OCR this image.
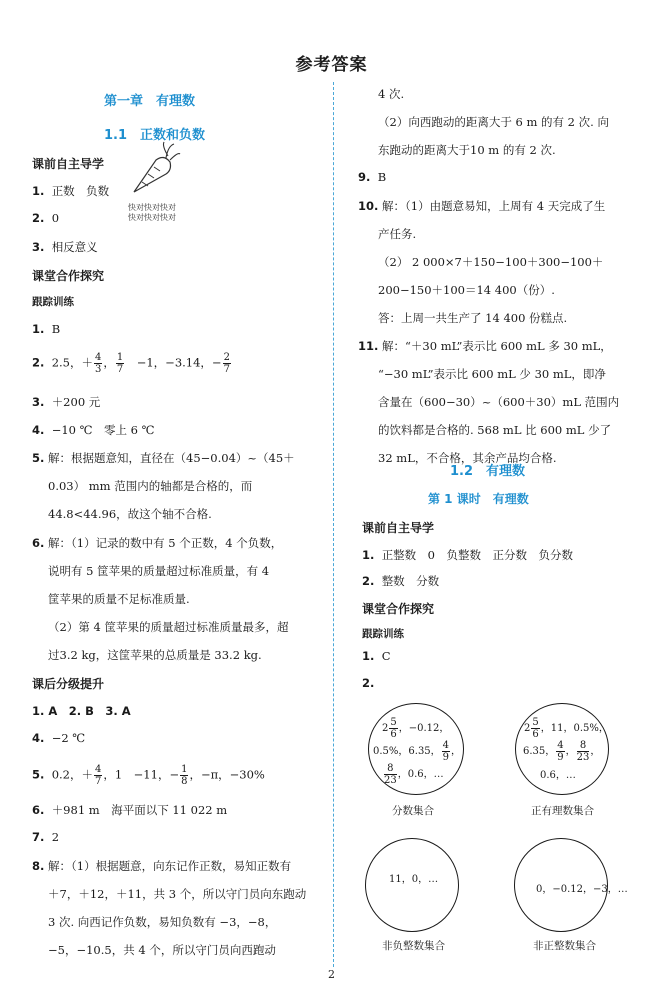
参考答案

第一章　有理数

1.1　正数和负数

快对快对快对
快对快对快对

课前自主导学

1. 正数　负数

2. 0

3. 相反意义

课堂合作探究

跟踪训练

1. B

2. 2.5，＋ $\frac{4}{3}$ ， $\frac{1}{7}$ 　−1，−3.14，− $\frac{2}{7}$

3. ＋200 元

4. −10 ℃　零上 6 ℃

5. 解：根据题意知，直径在（45−0.04）~（45＋

0.03） mm 范围内的轴都是合格的，而

44.8<44.96，故这个轴不合格.

6. 解：（1）记录的数中有 5 个正数，4 个负数，

说明有 5 筐苹果的质量超过标准质量，有 4

筐苹果的质量不足标准质量.

（2）第 4 筐苹果的质量超过标准质量最多，超

过3.2 kg，这筐苹果的总质量是 33.2 kg.

课后分级提升

1. A　2. B　3. A

4. −2 ℃

5. 0.2，＋ $\frac{4}{7}$ ，1　−11，− $\frac{1}{8}$ ，−π，−30%

6. ＋981 m　海平面以下 11 022 m

7. 2

8. 解：（1）根据题意，向东记作正数，易知正数有

＋7，＋12，＋11，共 3 个，所以守门员向东跑动

3 次. 向西记作负数，易知负数有 −3，−8，

−5，−10.5，共 4 个，所以守门员向西跑动

4 次.

（2）向西跑动的距离大于 6 m 的有 2 次. 向

东跑动的距离大于10 m 的有 2 次.

9. B

10. 解：（1）由题意易知，上周有 4 天完成了生

产任务.

（2） 2 000×7＋150−100＋300−100＋

200−150＋100＝14 400（份）.

答：上周一共生产了 14 400 份糕点.

11. 解：“＋30 mL”表示比 600 mL 多 30 mL，

“−30 mL”表示比 600 mL 少 30 mL，即净

含量在（600−30）~（600＋30）mL 范围内

的饮料都是合格的. 568 mL 比 600 mL 少了

32 mL，不合格，其余产品均合格.

1.2　有理数

第 1 课时　有理数

课前自主导学

1. 正整数　0　负整数　正分数　负分数

2. 整数　分数

课堂合作探究

跟踪训练

1. C

2.

$2 \frac{5}{6}$ ，−0.12，
0.5%，6.35， $\frac{4}{9}$ ，
$\frac{8}{23}$ ，0.6，…
分数集合
$2 \frac{5}{6}$ ，11，0.5%，
6.35， $\frac{4}{9}$ ， $\frac{8}{23}$ ，
0.6，…
正有理数集合
11，0，…
非负整数集合
0，−0.12，−3，…
非正整数集合
2
